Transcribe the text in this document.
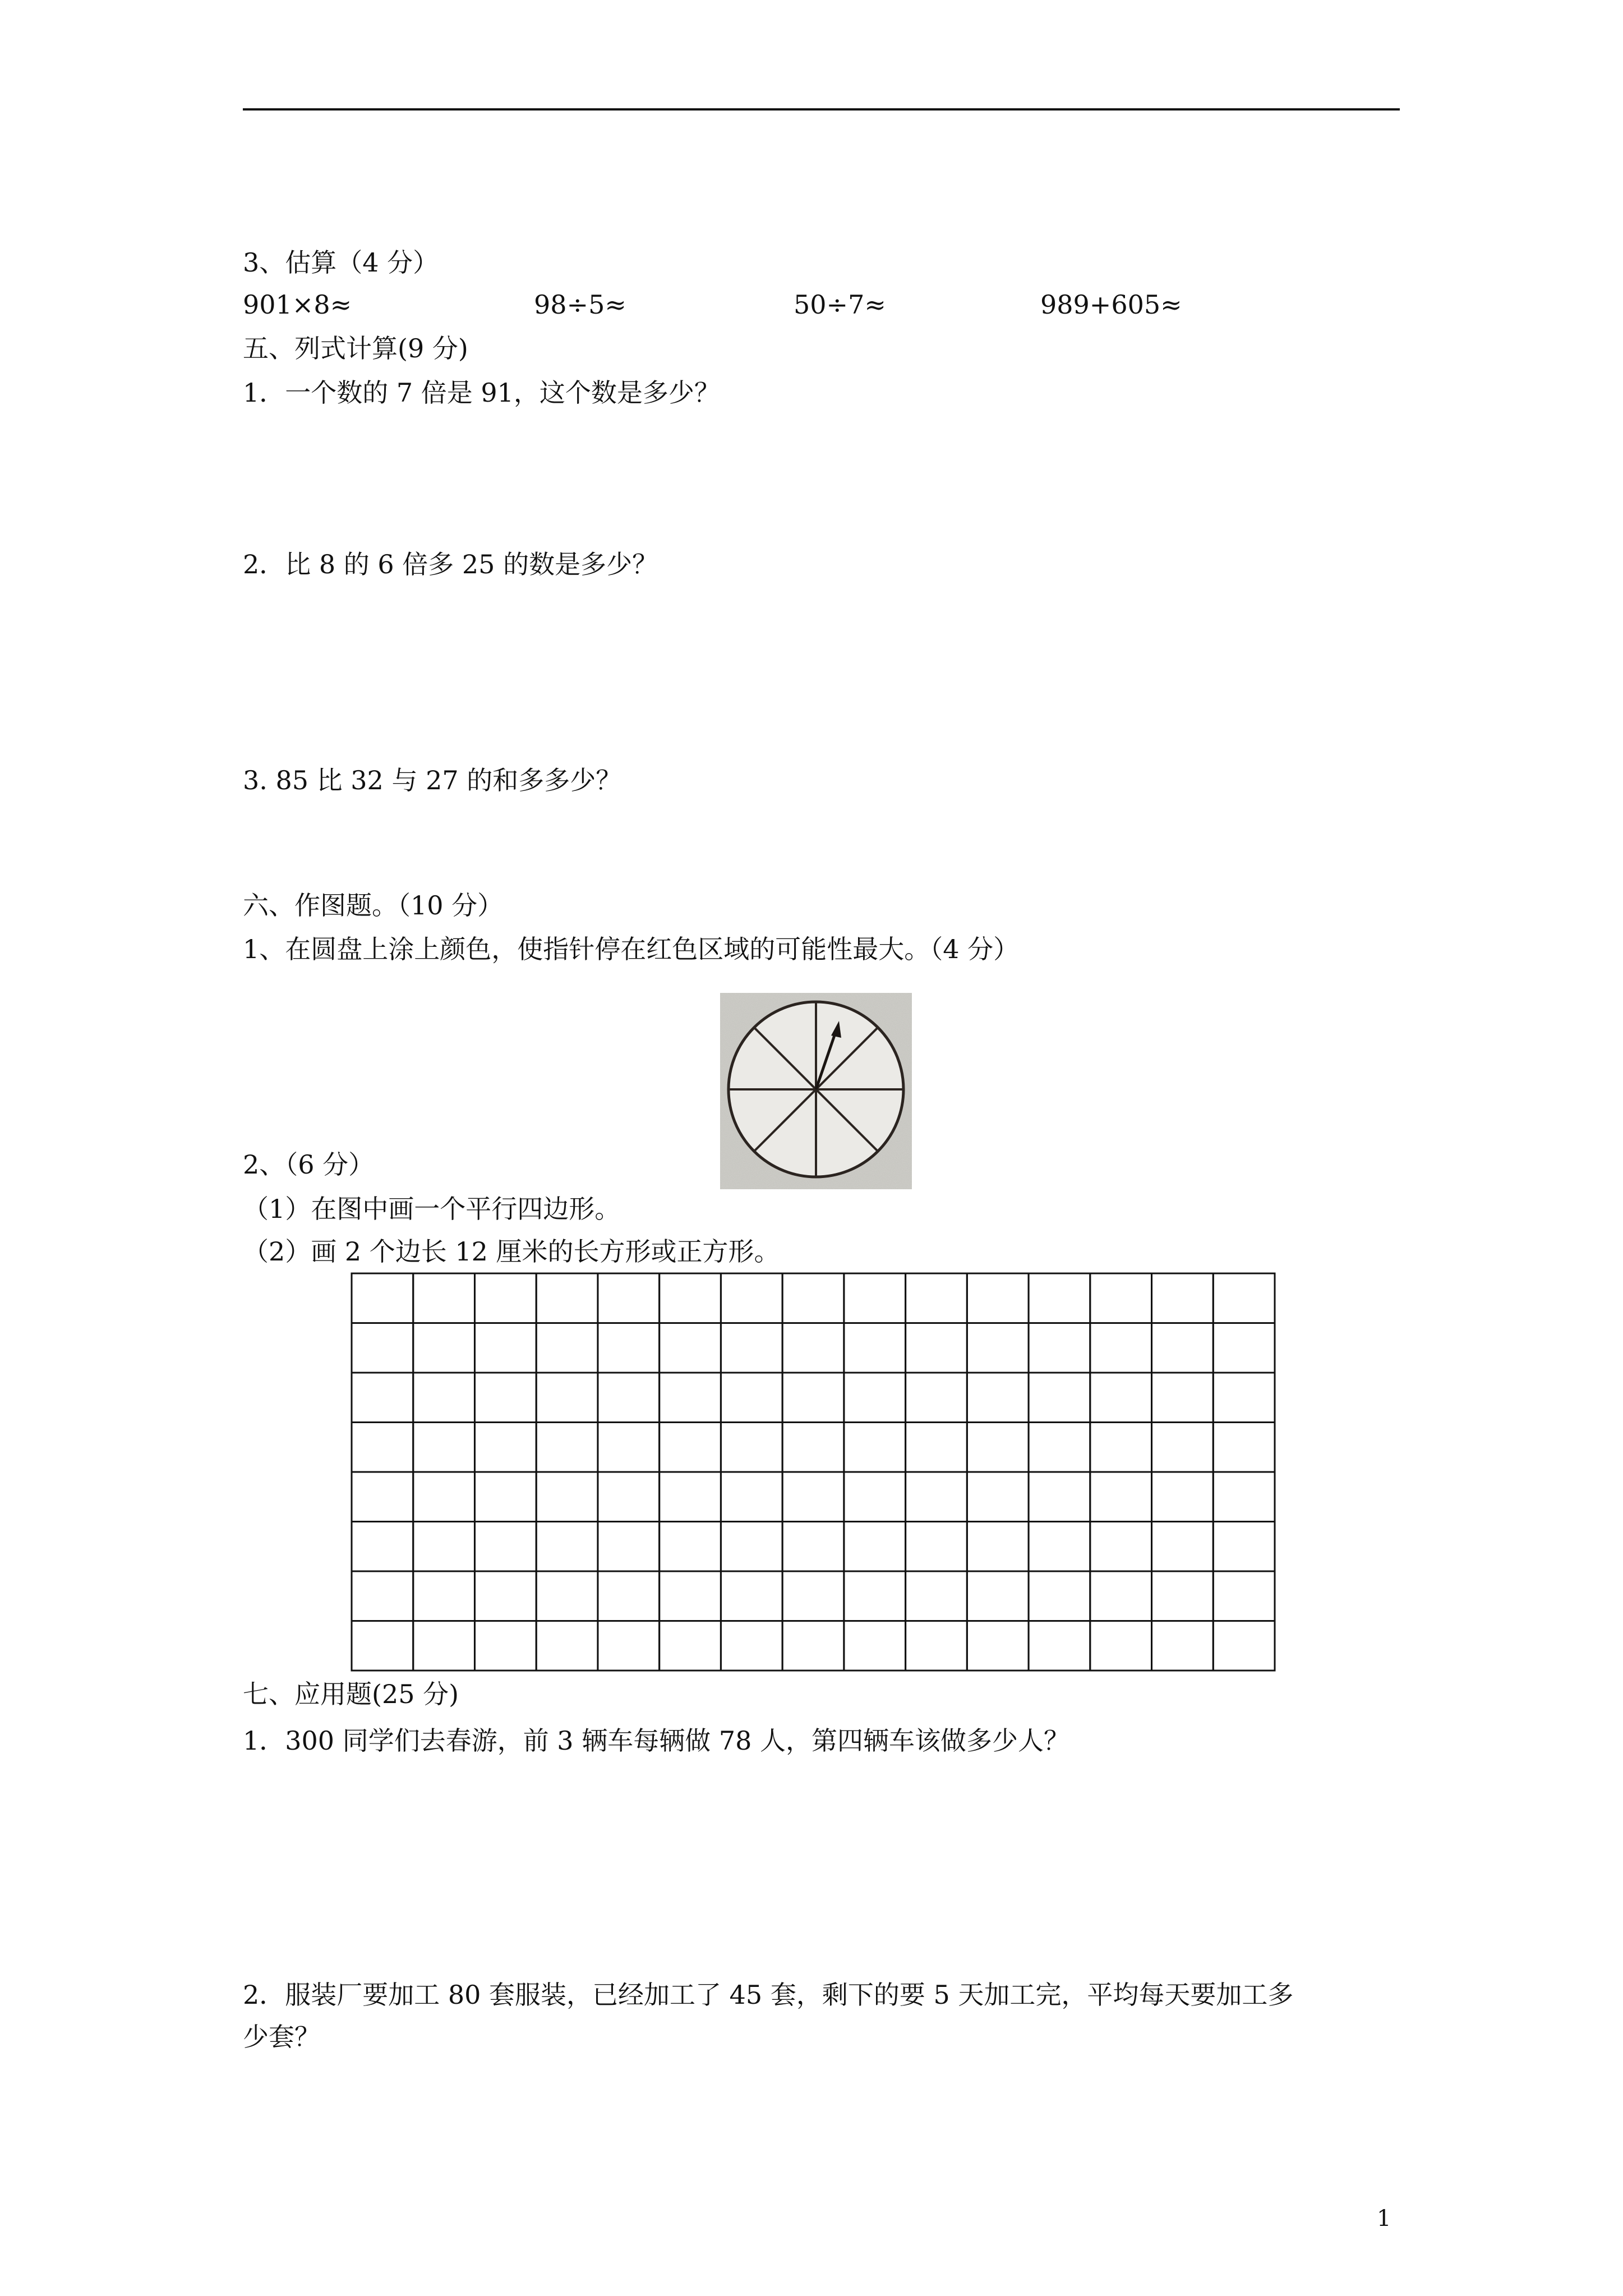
3、估算（4 分）
901×8≈	98÷5≈	50÷7≈	989+605≈
五、列式计算(9 分)
1．一个数的 7 倍是 91，这个数是多少？
2．比 8 的 6 倍多 25 的数是多少？
3. 85 比 32 与 27 的和多多少？
六、作图题。（10 分）
1、在圆盘上涂上颜色，使指针停在红色区域的可能性最大。（4 分）
2、（6 分）
（1）在图中画一个平行四边形。
（2）画 2 个边长 12 厘米的长方形或正方形。
七、应用题(25 分)
1．300 同学们去春游，前 3 辆车每辆做 78 人，第四辆车该做多少人？
2．服装厂要加工 80 套服装，已经加工了 45 套，剩下的要 5 天加工完，平均每天要加工多
少套？
1
